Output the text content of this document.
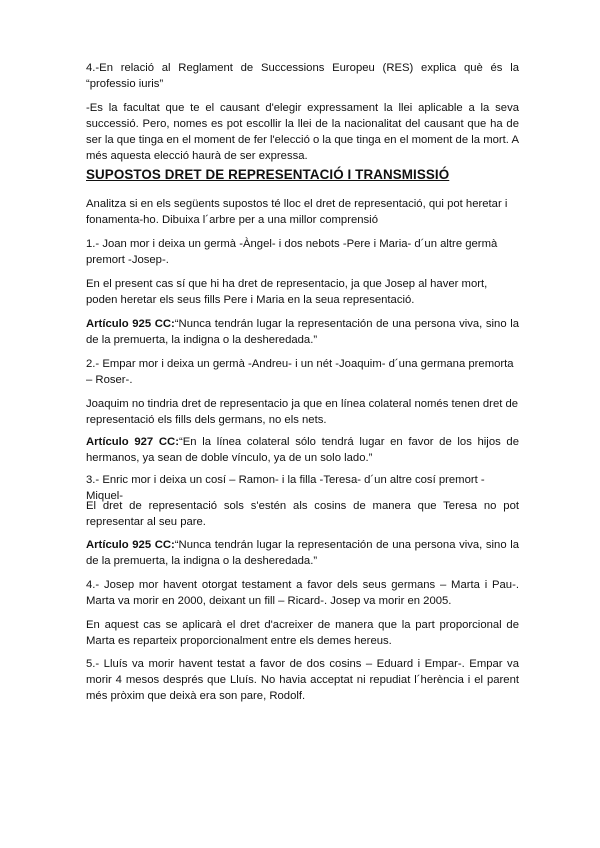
4.-En relació al Reglament de Successions Europeu (RES) explica què és la “professio iuris”

-Es la facultat que te el causant d'elegir expressament la llei aplicable a la seva successió. Pero, nomes es pot escollir la llei de la nacionalitat del causant que ha de ser la que tinga en el moment de fer l'elecció o la que tinga en el moment de la mort. A més aquesta elecció haurà de ser expressa.

SUPOSTOS DRET DE REPRESENTACIÓ I TRANSMISSIÓ

Analitza si en els següents supostos té lloc el dret de representació, qui pot heretar i fonamenta-ho. Dibuixa l´arbre per a una millor comprensió

1.- Joan mor i deixa un germà -Àngel- i dos nebots -Pere i Maria- d´un altre germà premort -Josep-.

En el present cas sí que hi ha dret de representacio, ja que Josep al haver mort, poden heretar els seus fills Pere i Maria en la seua representació.

Artículo 925 CC:“Nunca tendrán lugar la representación de una persona viva, sino la de la premuerta, la indigna o la desheredada.”

2.- Empar mor i deixa un germà -Andreu- i un nét -Joaquim- d´una germana premorta – Roser-.

Joaquim no tindria dret de representacio ja que en línea colateral només tenen dret de representació els fills dels germans, no els nets.

Artículo 927 CC:“En la línea colateral sólo tendrá lugar en favor de los hijos de hermanos, ya sean de doble vínculo, ya de un solo lado.”

3.- Enric mor i deixa un cosí – Ramon- i la filla -Teresa- d´un altre cosí premort -Miquel-

El dret de representació sols s'estén als cosins de manera que Teresa no pot representar al seu pare.

Artículo 925 CC:“Nunca tendrán lugar la representación de una persona viva, sino la de la premuerta, la indigna o la desheredada.”

4.- Josep mor havent otorgat testament a favor dels seus germans – Marta i Pau-. Marta va morir en 2000, deixant un fill – Ricard-. Josep va morir en 2005.

En aquest cas se aplicarà el dret d'acreixer de manera que la part proporcional de Marta es reparteix proporcionalment entre els demes hereus.

5.- Lluís va morir havent testat a favor de dos cosins – Eduard i Empar-. Empar va morir 4 mesos després que Lluís. No havia acceptat ni repudiat l´herència i el parent més pròxim que deixà era son pare, Rodolf.
